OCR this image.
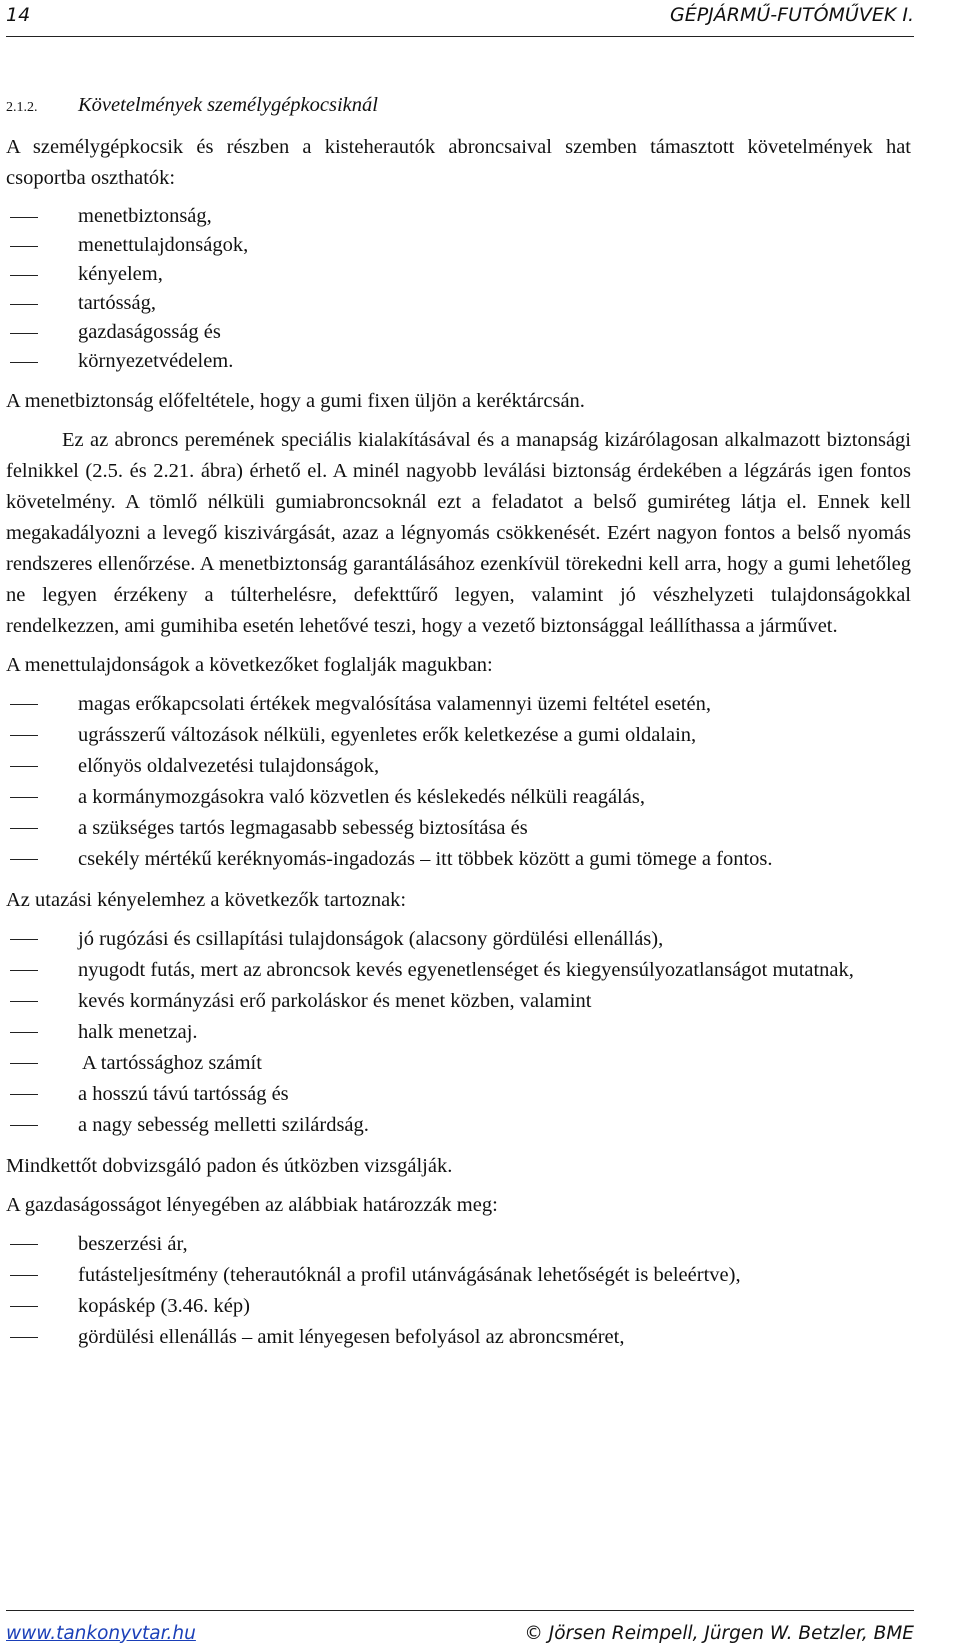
14	GÉPJÁRMŰ-FUTÓMŰVEK I.
2.1.2. Követelmények személygépkocsiknál

A személygépkocsik és részben a kisteherautók abroncsaival szemben támasztott követelmények hat csoportba oszthatók:

menetbiztonság,
menettulajdonságok,
kényelem,
tartósság,
gazdaságosság és
környezetvédelem.

A menetbiztonság előfeltétele, hogy a gumi fixen üljön a keréktárcsán.

Ez az abroncs peremének speciális kialakításával és a manapság kizárólagosan alkalmazott biztonsági felnikkel (2.5. és 2.21. ábra) érhető el. A minél nagyobb leválási biztonság érdekében a légzárás igen fontos követelmény. A tömlő nélküli gumiabroncsoknál ezt a feladatot a belső gumiréteg látja el. Ennek kell megakadályozni a levegő kiszivárgását, azaz a légnyomás csökkenését. Ezért nagyon fontos a belső nyomás rendszeres ellenőrzése. A menetbiztonság garantálásához ezenkívül törekedni kell arra, hogy a gumi lehetőleg ne legyen érzékeny a túlterhelésre, defekttűrő legyen, valamint jó vészhelyzeti tulajdonságokkal rendelkezzen, ami gumihiba esetén lehetővé teszi, hogy a vezető biztonsággal leállíthassa a járművet.

A menettulajdonságok a következőket foglalják magukban:

magas erőkapcsolati értékek megvalósítása valamennyi üzemi feltétel esetén,
ugrásszerű változások nélküli, egyenletes erők keletkezése a gumi oldalain,
előnyös oldalvezetési tulajdonságok,
a kormánymozgásokra való közvetlen és késlekedés nélküli reagálás,
a szükséges tartós legmagasabb sebesség biztosítása és
csekély mértékű keréknyomás-ingadozás – itt többek között a gumi tömege a fontos.

Az utazási kényelemhez a következők tartoznak:

jó rugózási és csillapítási tulajdonságok (alacsony gördülési ellenállás),
nyugodt futás, mert az abroncsok kevés egyenetlenséget és kiegyensúlyozatlanságot mutatnak,
kevés kormányzási erő parkoláskor és menet közben, valamint
halk menetzaj.
A tartóssághoz számít
a hosszú távú tartósság és
a nagy sebesség melletti szilárdság.

Mindkettőt dobvizsgáló padon és útközben vizsgálják.

A gazdaságosságot lényegében az alábbiak határozzák meg:

beszerzési ár,
futásteljesítmény (teherautóknál a profil utánvágásának lehetőségét is beleértve),
kopáskép (3.46. kép)
gördülési ellenállás – amit lényegesen befolyásol az abroncsméret,
www.tankonyvtar.hu	© Jörsen Reimpell, Jürgen W. Betzler, BME
